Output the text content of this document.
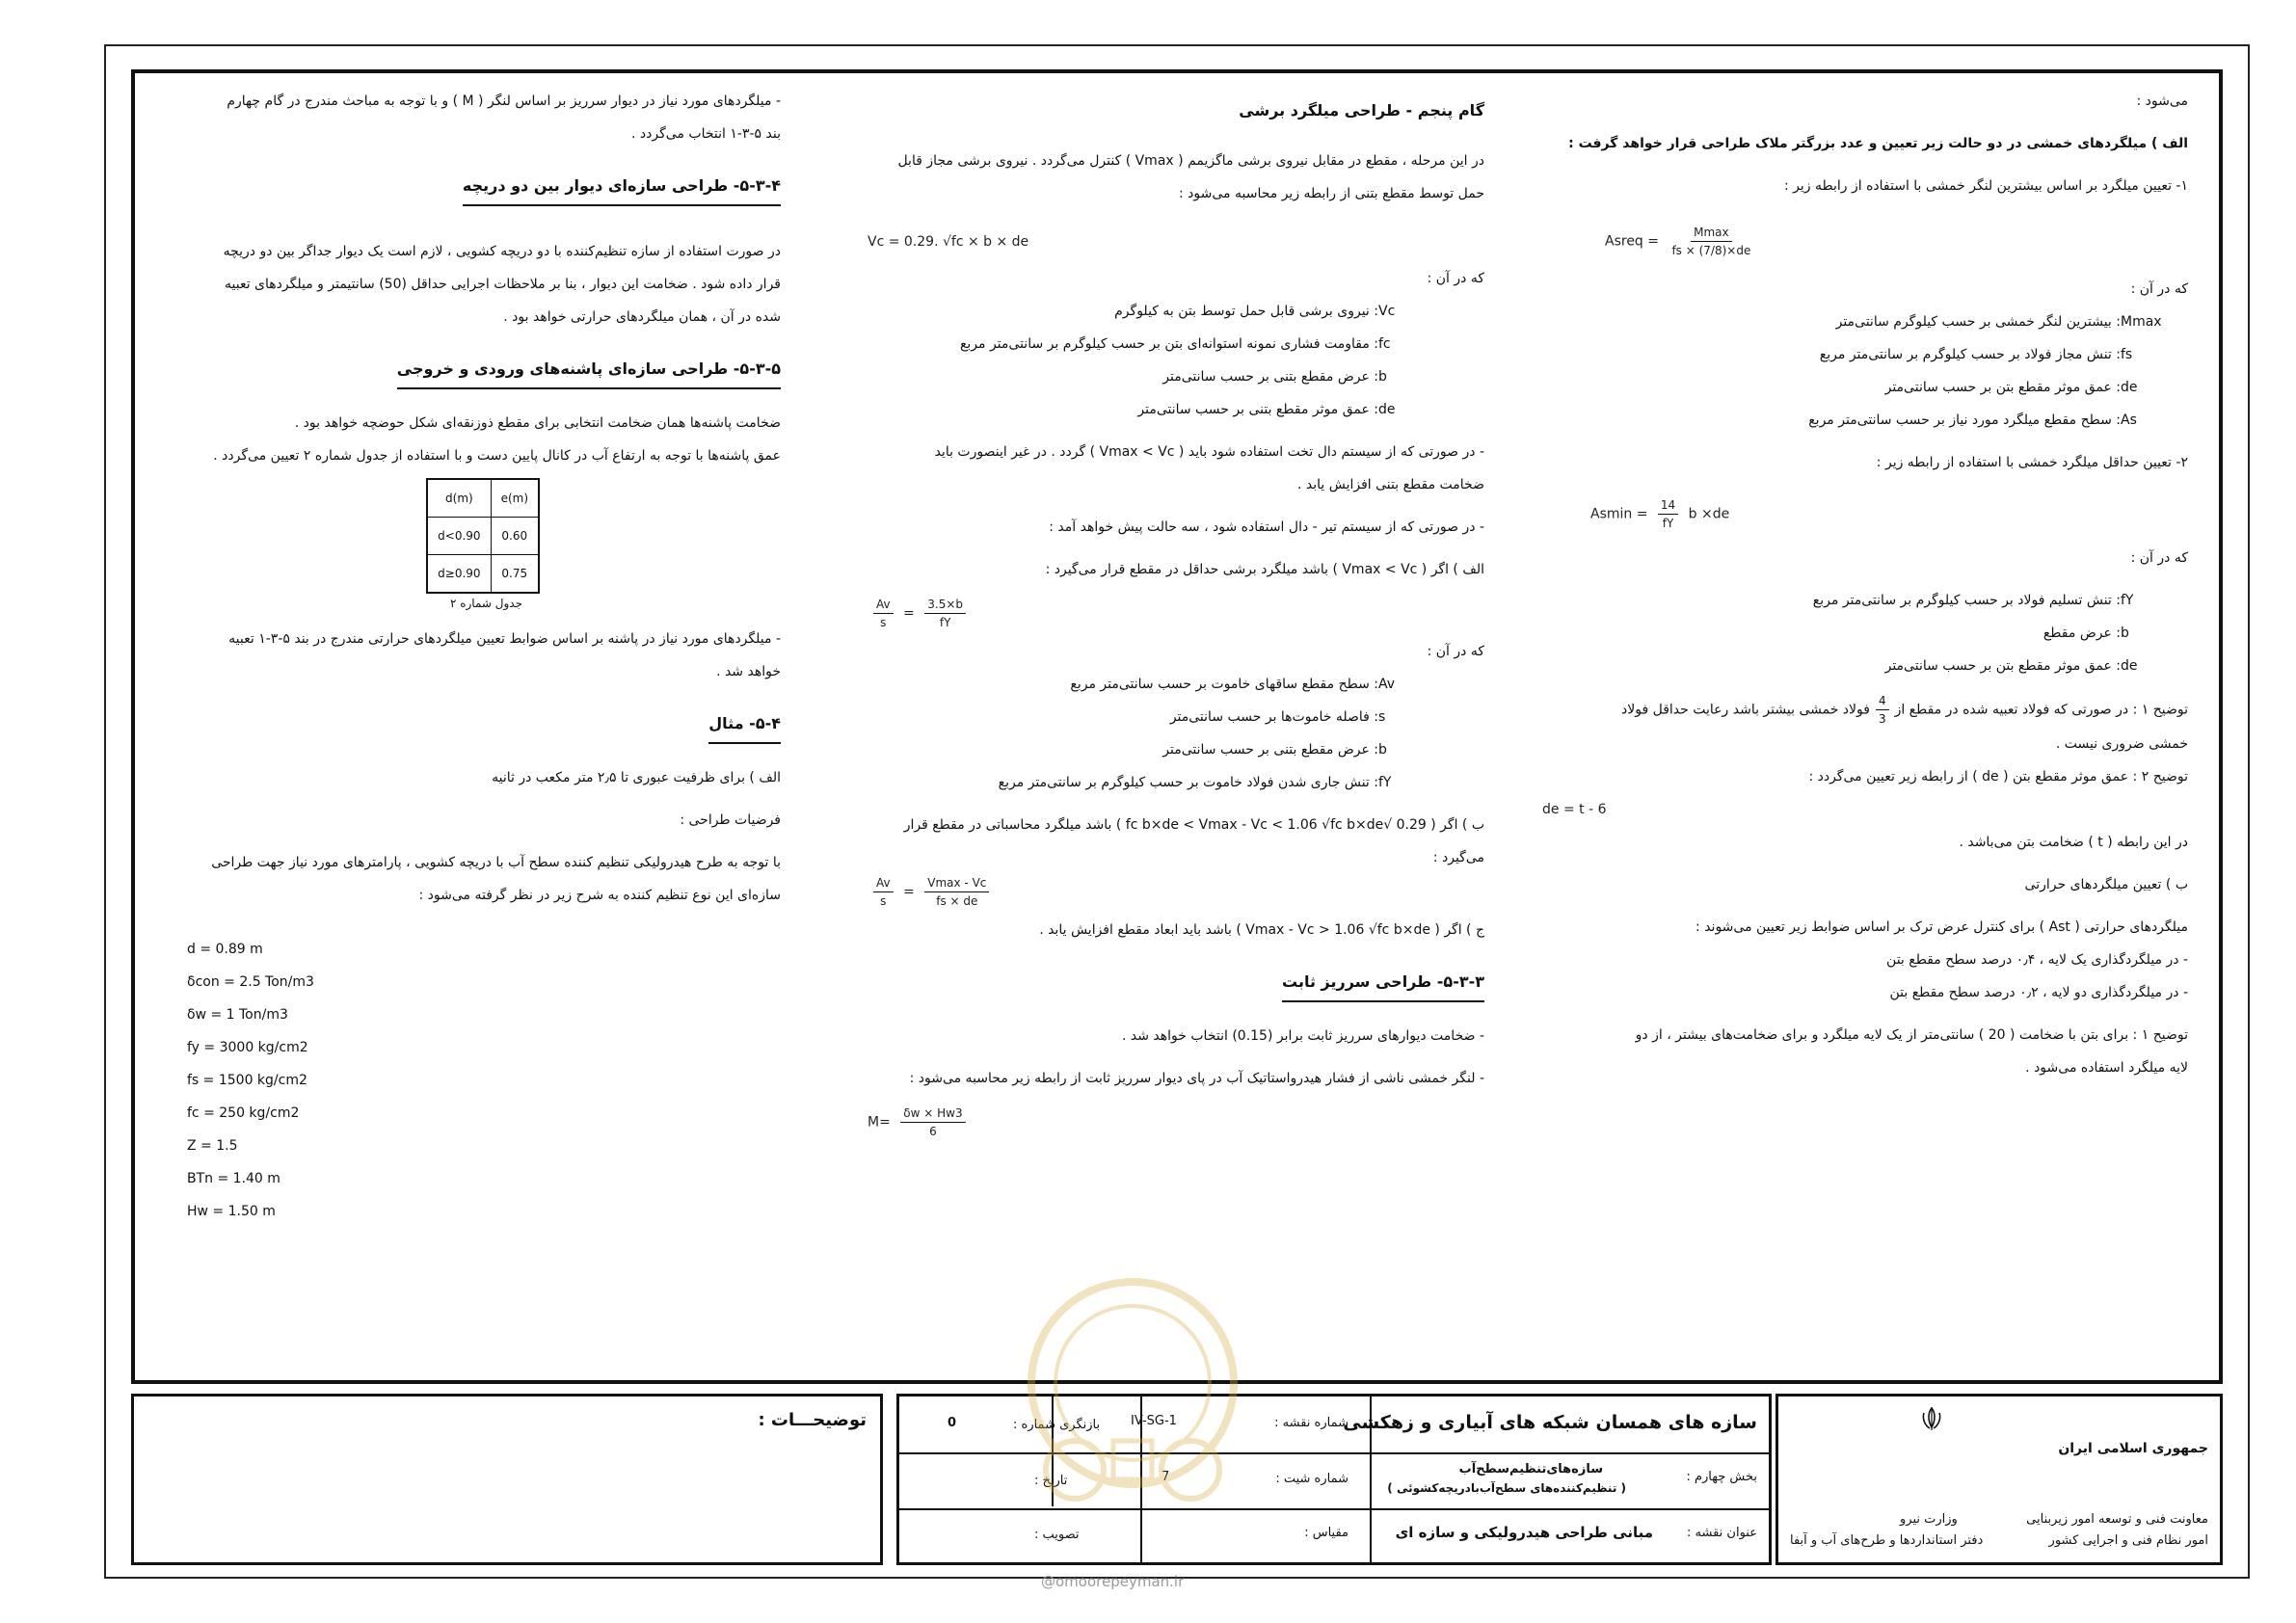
می‌شود :

الف ) میلگردهای خمشی در دو حالت زیر تعیین و عدد بزرگتر ملاک طراحی قرار خواهد گرفت :

۱- تعیین میلگرد بر اساس بیشترین لنگر خمشی با استفاده از رابطه زیر :

Asreq = $\frac{Mmax}{fs \times (7/8)\times de}$

که در آن :

Mmax: بیشترین لنگر خمشی بر حسب کیلوگرم سانتی‌متر

fs: تنش مجاز فولاد بر حسب کیلوگرم بر سانتی‌متر مربع

de: عمق موثر مقطع بتن بر حسب سانتی‌متر

As: سطح مقطع میلگرد مورد نیاز بر حسب سانتی‌متر مربع

۲- تعیین حداقل میلگرد خمشی با استفاده از رابطه زیر :

$Asmin = \frac{14}{fY}$ b ×de

که در آن :

fY: تنش تسلیم فولاد بر حسب کیلوگرم بر سانتی‌متر مربع

b: عرض مقطع

de: عمق موثر مقطع بتن بر حسب سانتی‌متر

توضیح ۱ : در صورتی که فولاد تعبیه شده در مقطع از
$\frac{4}{3}$
فولاد خمشی بیشتر باشد رعایت حداقل فولاد

خمشی ضروری نیست .

توضیح ۲ : عمق موثر مقطع بتن ( de ) از رابطه زیر تعیین می‌گردد :

de = t - 6

در این رابطه ( t ) ضخامت بتن می‌باشد .

ب ) تعیین میلگردهای حرارتی

میلگردهای حرارتی ( Ast ) برای کنترل عرض ترک بر اساس ضوابط زیر تعیین می‌شوند :

- در میلگردگذاری یک لایه ، ۰٫۴ درصد سطح مقطع بتن

- در میلگردگذاری دو لایه ، ۰٫۲ درصد سطح مقطع بتن

توضیح ۱ : برای بتن با ضخامت ( 20 ) سانتی‌متر از یک لایه میلگرد و برای ضخامت‌های بیشتر ، از دو

لایه میلگرد استفاده می‌شود .

گام پنجم - طراحی میلگرد برشی

در این مرحله ، مقطع در مقابل نیروی برشی ماگزیمم ( Vmax ) کنترل می‌گردد . نیروی برشی مجاز قابل

حمل توسط مقطع بتنی از رابطه زیر محاسبه می‌شود :

Vc = 0.29. √fc × b × de

که در آن :

Vc: نیروی برشی قابل حمل توسط بتن به کیلوگرم

fc: مقاومت فشاری نمونه استوانه‌ای بتن بر حسب کیلوگرم بر سانتی‌متر مربع

b: عرض مقطع بتنی بر حسب سانتی‌متر

de: عمق موثر مقطع بتنی بر حسب سانتی‌متر

- در صورتی که از سیستم دال تخت استفاده شود باید ( Vmax < Vc ) گردد . در غیر اینصورت باید

ضخامت مقطع بتنی افزایش یابد .

- در صورتی که از سیستم تیر - دال استفاده شود ، سه حالت پیش خواهد آمد :

الف ) اگر ( Vmax < Vc ) باشد میلگرد برشی حداقل در مقطع قرار می‌گیرد :

$\frac{Av}{s} = \frac{3.5\times b}{fY}$

که در آن :

Av: سطح مقطع ساقهای خاموت بر حسب سانتی‌متر مربع

s: فاصله خاموت‌ها بر حسب سانتی‌متر

b: عرض مقطع بتنی بر حسب سانتی‌متر

fY: تنش جاری شدن فولاد خاموت بر حسب کیلوگرم بر سانتی‌متر مربع

ب ) اگر ( 0.29 √fc b×de < Vmax - Vc < 1.06 √fc b×de ) باشد میلگرد محاسباتی در مقطع قرار

می‌گیرد :

$\frac{Av}{s} = \frac{Vmax - Vc}{fs \times de}$

ج ) اگر ( Vmax - Vc > 1.06 √fc b×de ) باشد باید ابعاد مقطع افزایش یابد .

۵-۳-۳- طراحی سرریز ثابت

- ضخامت دیوارهای سرریز ثابت برابر (0.15) انتخاب خواهد شد .

- لنگر خمشی ناشی از فشار هیدرواستاتیک آب در پای دیوار سرریز ثابت از رابطه زیر محاسبه می‌شود :

$M= \frac{\delta w \times Hw3}{6}$

- میلگردهای مورد نیاز در دیوار سرریز بر اساس لنگر ( M ) و با توجه به مباحث مندرج در گام چهارم

بند ۵-۳-۱ انتخاب می‌گردد .

۵-۳-۴- طراحی سازه‌ای دیوار بین دو دریچه

در صورت استفاده از سازه تنظیم‌کننده با دو دریچه کشویی ، لازم است یک دیوار جداگر بین دو دریچه

قرار داده شود . ضخامت این دیوار ، بنا بر ملاحظات اجرایی حداقل (50) سانتیمتر و میلگردهای تعبیه

شده در آن ، همان میلگردهای حرارتی خواهد بود .

۵-۳-۵- طراحی سازه‌ای پاشنه‌های ورودی و خروجی

ضخامت پاشنه‌ها همان ضخامت انتخابی برای مقطع ذوزنقه‌ای شکل حوضچه خواهد بود .

عمق پاشنه‌ها با توجه به ارتفاع آب در کانال پایین دست و با استفاده از جدول شماره ۲ تعیین می‌گردد .

d(m)	e(m)
d<0.90	0.60
d≥0.90	0.75
جدول شماره ۲

- میلگردهای مورد نیاز در پاشنه بر اساس ضوابط تعیین میلگردهای حرارتی مندرج در بند ۵-۳-۱ تعبیه

خواهد شد .

۵-۴- مثال

الف ) برای ظرفیت عبوری تا ۲٫۵ متر مکعب در ثانیه

فرضیات طراحی :

با توجه به طرح هیدرولیکی تنظیم کننده سطح آب با دریچه کشویی ، پارامترهای مورد نیاز جهت طراحی

سازه‌ای این نوع تنظیم کننده به شرح زیر در نظر گرفته می‌شود :

d = 0.89 m
δcon = 2.5 Ton/m3
δw = 1 Ton/m3
fy = 3000 kg/cm2
fs = 1500 kg/cm2
fc = 250 kg/cm2
Z = 1.5
BTn = 1.40 m
Hw = 1.50 m
توضیحـــات :	سازه های همسان شبکه های آبیاری و زهکشی
شماره نقشه :
IV-SG-1
بازنگری شماره :
0
بخش چهارم :
سازه‌های‌تنظیم‌سطح‌آب
( تنظیم‌کننده‌های سطح‌آب‌با‌دریچه‌کشوئی )
شماره شیت :
7
تاریخ :
عنوان نقشه :
مبانی طراحی هیدرولیکی و سازه ای
مقیاس :
تصویب :
جمهوری اسلامی ایران
معاونت فنی و توسعه امور زیربنایی
امور نظام فنی و اجرایی کشور
وزارت نیرو
دفتر استانداردها و طرح‌های آب و آبفا
@omoorepeyman.ir
